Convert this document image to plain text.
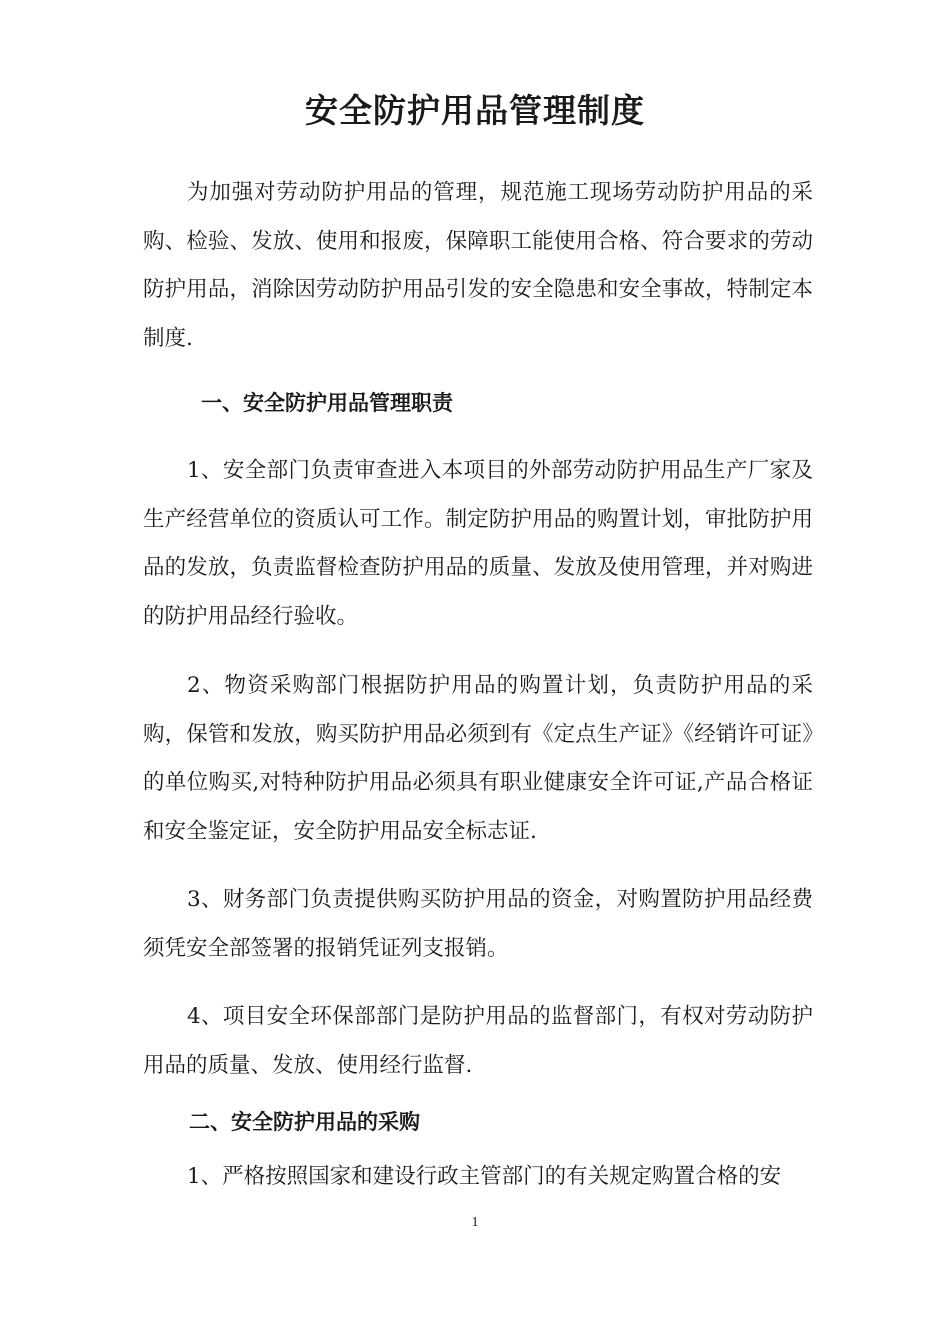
安全防护用品管理制度

为加强对劳动防护用品的管理，规范施工现场劳动防护用品的采购、检验、发放、使用和报废，保障职工能使用合格、符合要求的劳动防护用品，消除因劳动防护用品引发的安全隐患和安全事故，特制定本制度.

一、安全防护用品管理职责

1、安全部门负责审查进入本项目的外部劳动防护用品生产厂家及生产经营单位的资质认可工作。制定防护用品的购置计划，审批防护用品的发放，负责监督检查防护用品的质量、发放及使用管理，并对购进的防护用品经行验收。

2、物资采购部门根据防护用品的购置计划，负责防护用品的采购，保管和发放，购买防护用品必须到有《定点生产证》《经销许可证》的单位购买,对特种防护用品必须具有职业健康安全许可证,产品合格证和安全鉴定证，安全防护用品安全标志证.

3、财务部门负责提供购买防护用品的资金，对购置防护用品经费须凭安全部签署的报销凭证列支报销。

4、项目安全环保部部门是防护用品的监督部门，有权对劳动防护用品的质量、发放、使用经行监督.

二、安全防护用品的采购

1、严格按照国家和建设行政主管部门的有关规定购置合格的安

1
